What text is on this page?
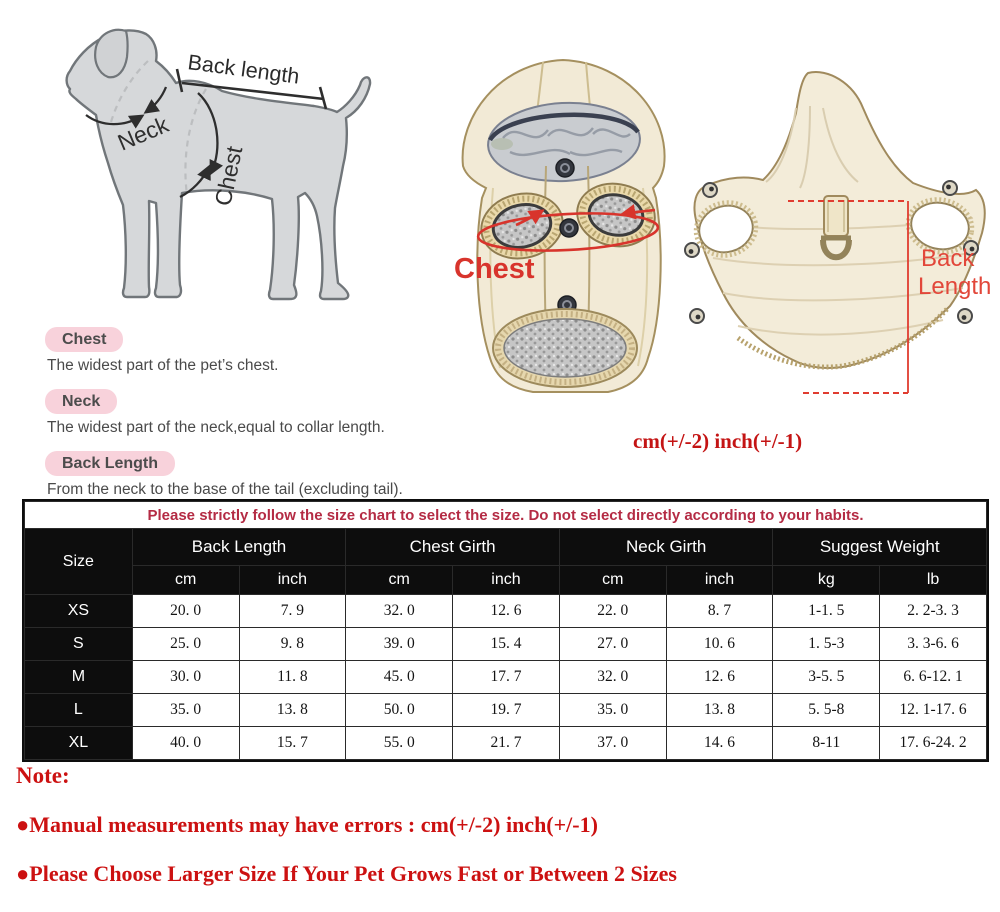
Back length
Neck
Chest
Chest	Back
Length
cm(+/-2) inch(+/-1)
Chest
The widest part of the pet’s chest.
Neck
The widest part of the neck,equal to collar length.
Back Length
From the neck to the base of the tail (excluding tail).
Please strictly follow the size chart to select the size. Do not select directly according to your habits.								
Size	Back Length		Chest Girth		Neck Girth		Suggest Weight	
	cm	inch	cm	inch	cm	inch	kg	lb
XS	20. 0	7. 9	32. 0	12. 6	22. 0	8. 7	1-1. 5	2. 2-3. 3
S	25. 0	9. 8	39. 0	15. 4	27. 0	10. 6	1. 5-3	3. 3-6. 6
M	30. 0	11. 8	45. 0	17. 7	32. 0	12. 6	3-5. 5	6. 6-12. 1
L	35. 0	13. 8	50. 0	19. 7	35. 0	13. 8	5. 5-8	12. 1-17. 6
XL	40. 0	15. 7	55. 0	21. 7	37. 0	14. 6	8-11	17. 6-24. 2
Note:
●Manual measurements may have errors : cm(+/-2) inch(+/-1)
●Please Choose Larger Size If Your Pet Grows Fast or Between 2 Sizes
